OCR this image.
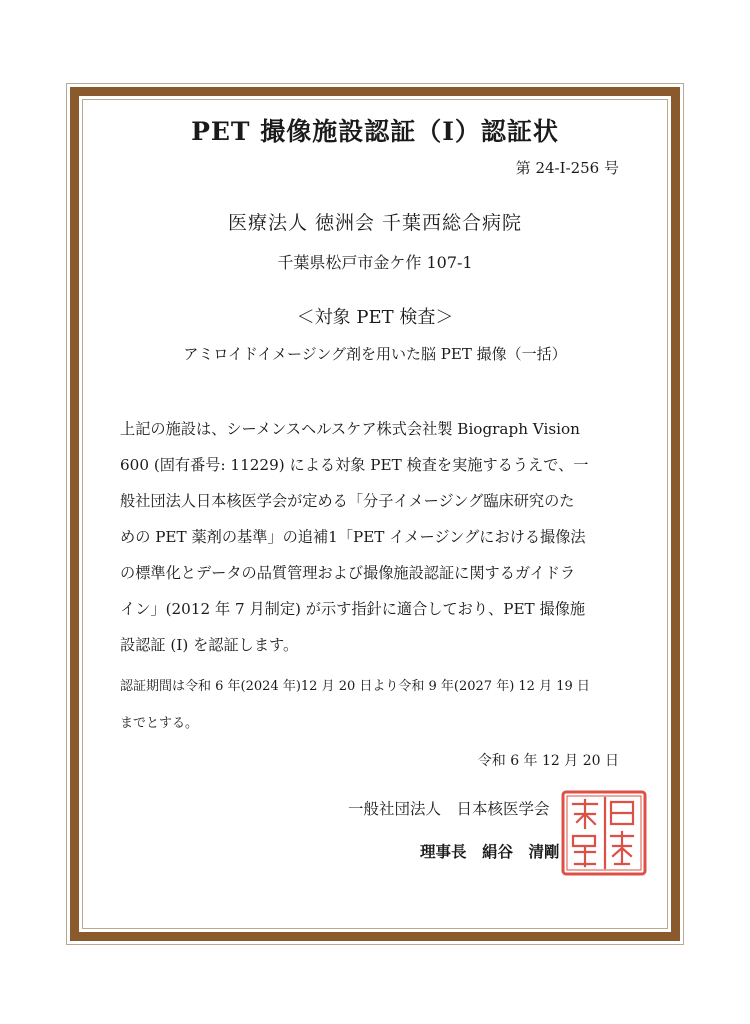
PET 撮像施設認証（I）認証状
第 24-I-256 号
医療法人 徳洲会 千葉西総合病院
千葉県松戸市金ケ作 107-1
＜対象 PET 検査＞
アミロイドイメージング剤を用いた脳 PET 撮像（一括）
上記の施設は、シーメンスヘルスケア株式会社製 Biograph Vision
600 (固有番号: 11229) による対象 PET 検査を実施するうえで、一
般社団法人日本核医学会が定める「分子イメージング臨床研究のた
めの PET 薬剤の基準」の追補1「PET イメージングにおける撮像法
の標準化とデータの品質管理および撮像施設認証に関するガイドラ
イン」(2012 年 7 月制定) が示す指針に適合しており、PET 撮像施
設認証 (I) を認証します。
認証期間は令和 6 年(2024 年)12 月 20 日より令和 9 年(2027 年) 12 月 19 日
までとする。
令和 6 年 12 月 20 日
一般社団法人　日本核医学会
理事長　絹谷　清剛
